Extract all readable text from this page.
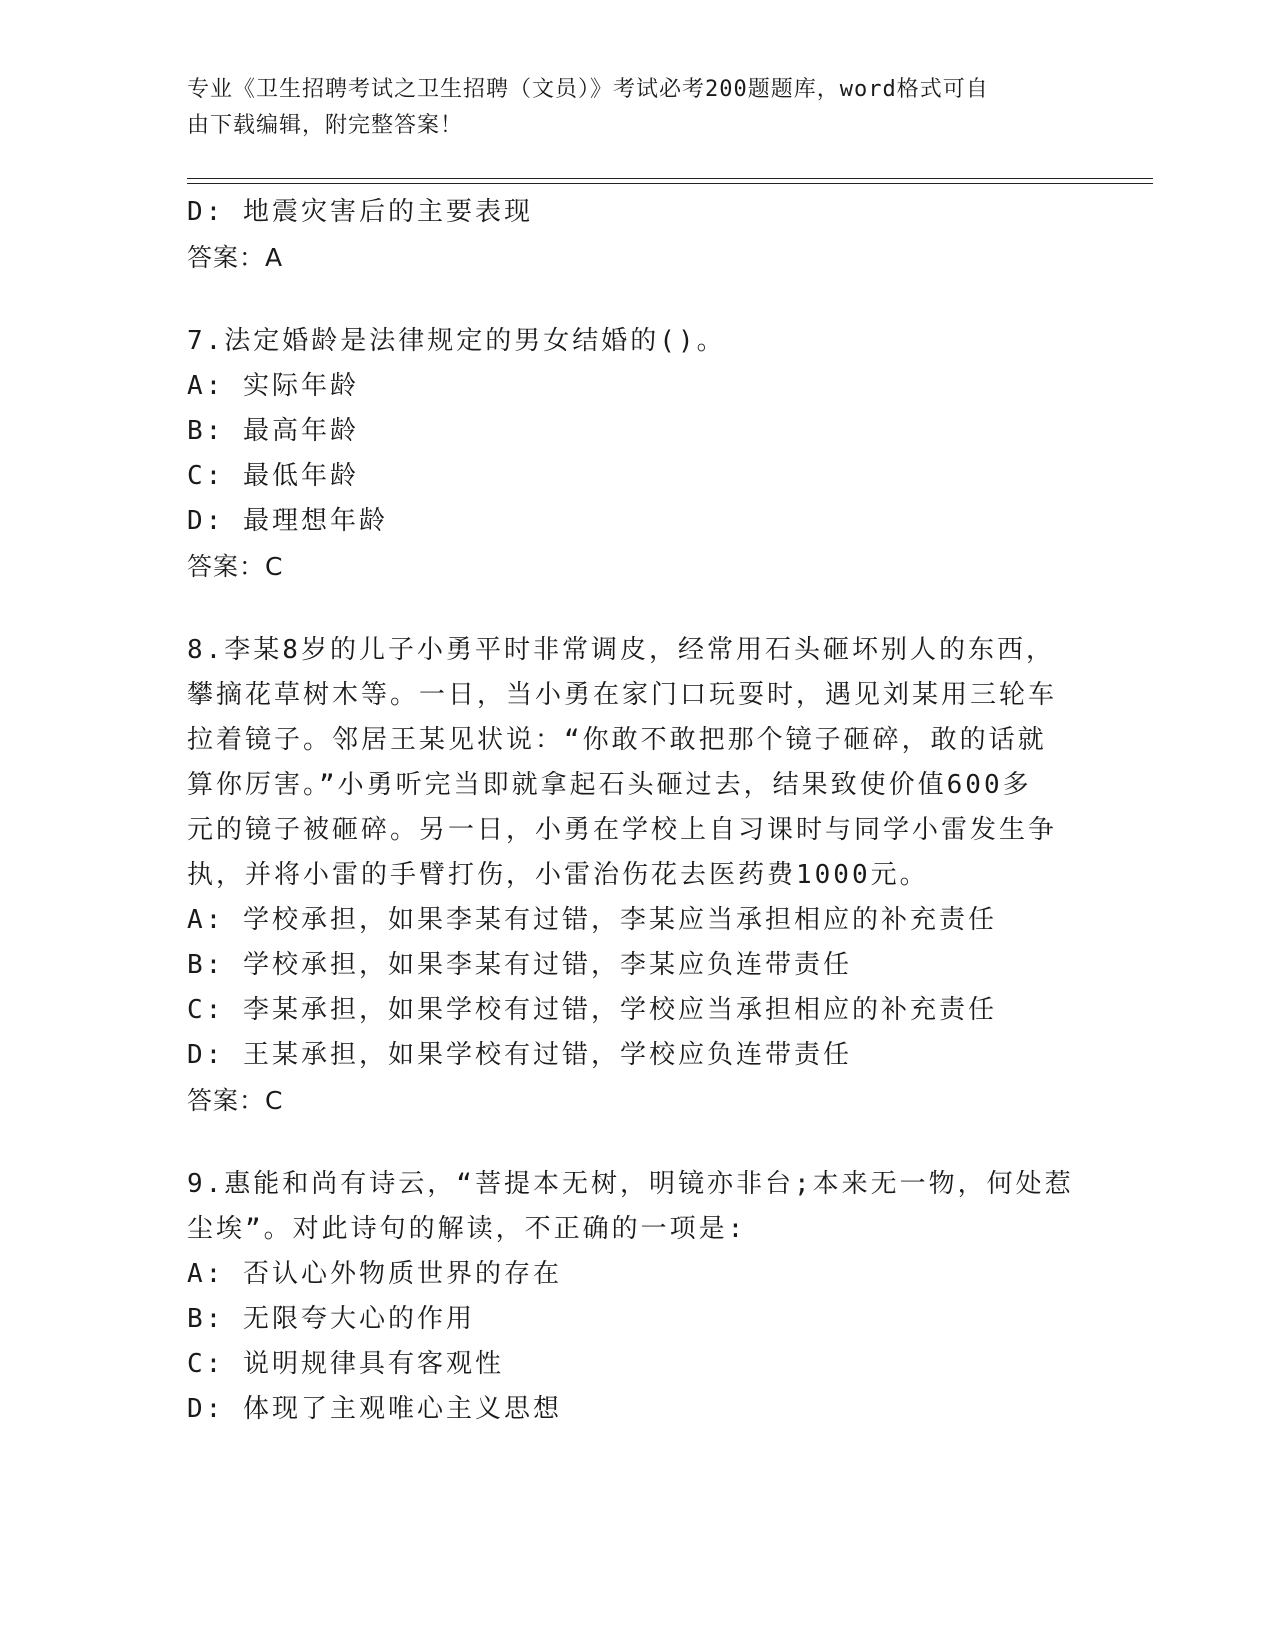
专业《卫生招聘考试之卫生招聘（文员）》考试必考200题题库，word格式可自
由下载编辑，附完整答案！
D: 地震灾害后的主要表现
答案：A
7.法定婚龄是法律规定的男女结婚的()。
A: 实际年龄
B: 最高年龄
C: 最低年龄
D: 最理想年龄
答案：C
8.李某8岁的儿子小勇平时非常调皮，经常用石头砸坏别人的东西，
攀摘花草树木等。一日，当小勇在家门口玩耍时，遇见刘某用三轮车
拉着镜子。邻居王某见状说：“你敢不敢把那个镜子砸碎，敢的话就
算你厉害。”小勇听完当即就拿起石头砸过去，结果致使价值600多
元的镜子被砸碎。另一日，小勇在学校上自习课时与同学小雷发生争
执，并将小雷的手臂打伤，小雷治伤花去医药费1000元。
A: 学校承担，如果李某有过错，李某应当承担相应的补充责任
B: 学校承担，如果李某有过错，李某应负连带责任
C: 李某承担，如果学校有过错，学校应当承担相应的补充责任
D: 王某承担，如果学校有过错，学校应负连带责任
答案：C
9.惠能和尚有诗云，“菩提本无树，明镜亦非台;本来无一物，何处惹
尘埃”。对此诗句的解读，不正确的一项是:
A: 否认心外物质世界的存在
B: 无限夸大心的作用
C: 说明规律具有客观性
D: 体现了主观唯心主义思想
